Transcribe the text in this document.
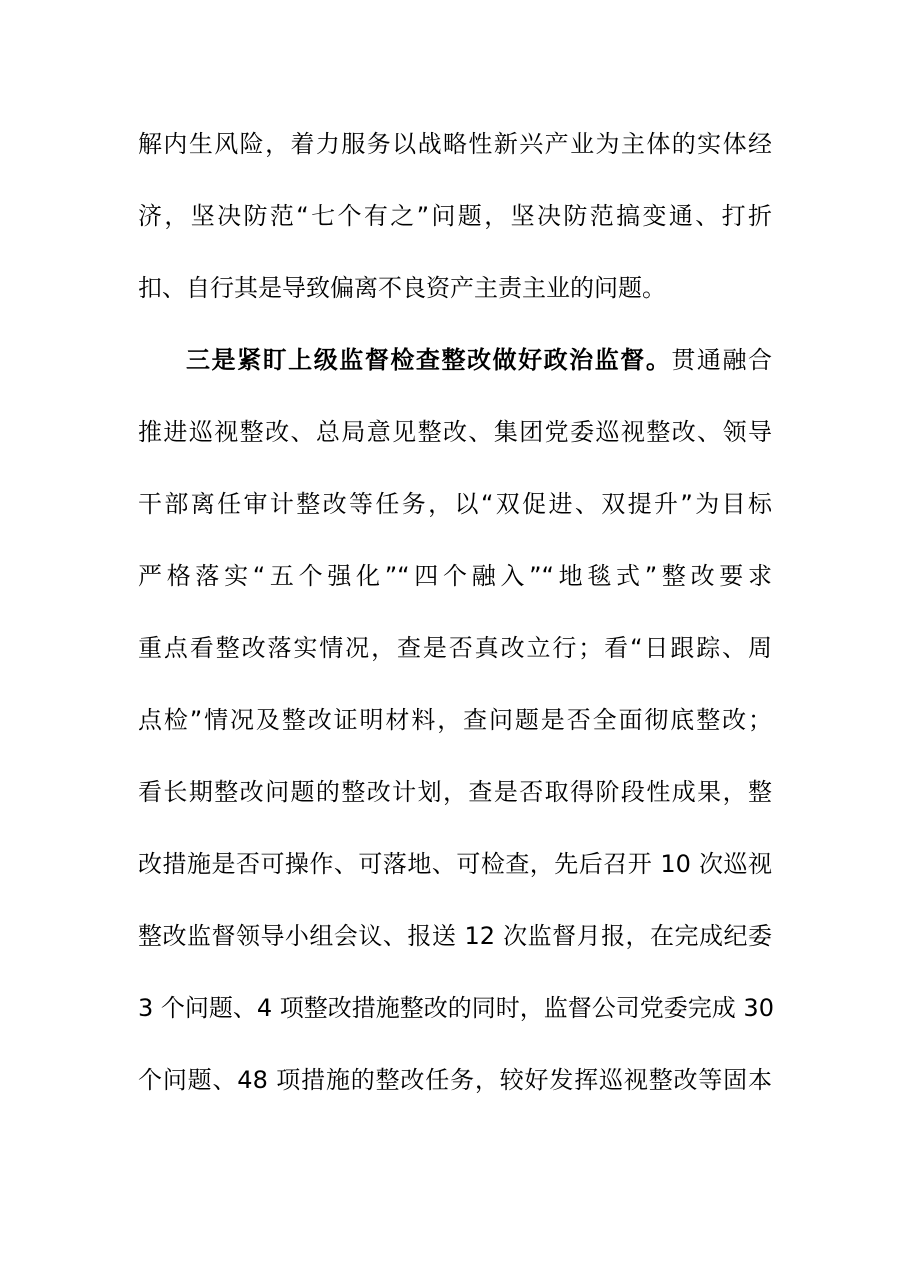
解内生风险，着力服务以战略性新兴产业为主体的实体经
济，坚决防范“七个有之”问题，坚决防范搞变通、打折
扣、自行其是导致偏离不良资产主责主业的问题。
三是紧盯上级监督检查整改做好政治监督。贯通融合
推进巡视整改、总局意见整改、集团党委巡视整改、领导
干部离任审计整改等任务，以“双促进、双提升”为目标
严格落实“五个强化”“四个融入”“地毯式”整改要求
重点看整改落实情况，查是否真改立行；看“日跟踪、周
点检”情况及整改证明材料，查问题是否全面彻底整改；
看长期整改问题的整改计划，查是否取得阶段性成果，整
改措施是否可操作、可落地、可检查，先后召开 10 次巡视
整改监督领导小组会议、报送 12 次监督月报，在完成纪委
3 个问题、4 项整改措施整改的同时，监督公司党委完成 30
个问题、48 项措施的整改任务，较好发挥巡视整改等固本
